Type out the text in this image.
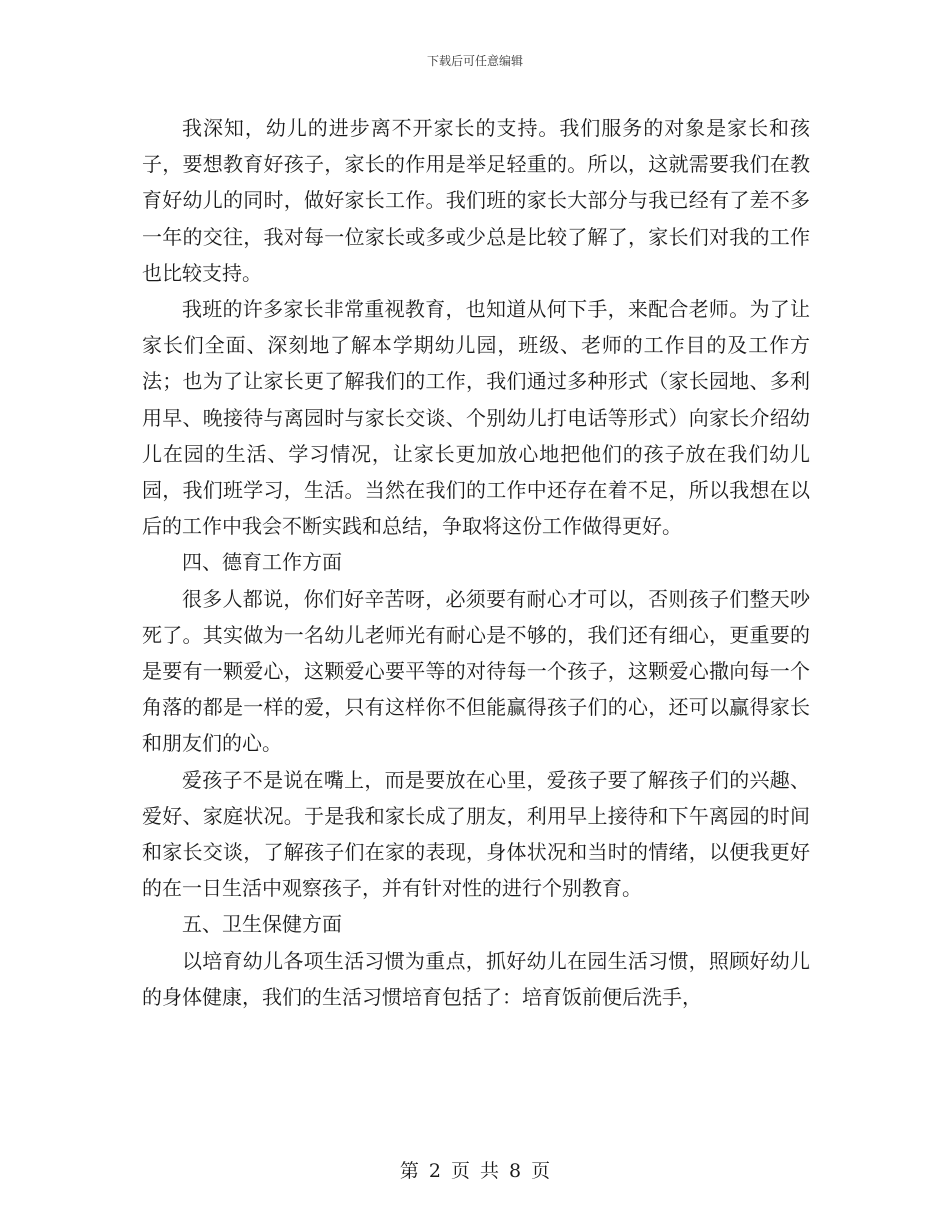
下载后可任意编辑

我深知，幼儿的进步离不开家长的支持。我们服务的对象是家长和孩子，要想教育好孩子，家长的作用是举足轻重的。所以，这就需要我们在教育好幼儿的同时，做好家长工作。我们班的家长大部分与我已经有了差不多一年的交往，我对每一位家长或多或少总是比较了解了，家长们对我的工作也比较支持。

我班的许多家长非常重视教育，也知道从何下手，来配合老师。为了让家长们全面、深刻地了解本学期幼儿园，班级、老师的工作目的及工作方法；也为了让家长更了解我们的工作，我们通过多种形式（家长园地、多利用早、晚接待与离园时与家长交谈、个别幼儿打电话等形式）向家长介绍幼儿在园的生活、学习情况，让家长更加放心地把他们的孩子放在我们幼儿园，我们班学习，生活。当然在我们的工作中还存在着不足，所以我想在以后的工作中我会不断实践和总结，争取将这份工作做得更好。

四、德育工作方面

很多人都说，你们好辛苦呀，必须要有耐心才可以，否则孩子们整天吵死了。其实做为一名幼儿老师光有耐心是不够的，我们还有细心，更重要的是要有一颗爱心，这颗爱心要平等的对待每一个孩子，这颗爱心撒向每一个角落的都是一样的爱，只有这样你不但能赢得孩子们的心，还可以赢得家长和朋友们的心。

爱孩子不是说在嘴上，而是要放在心里，爱孩子要了解孩子们的兴趣、爱好、家庭状况。于是我和家长成了朋友，利用早上接待和下午离园的时间和家长交谈，了解孩子们在家的表现，身体状况和当时的情绪，以便我更好的在一日生活中观察孩子，并有针对性的进行个别教育。

五、卫生保健方面

以培育幼儿各项生活习惯为重点，抓好幼儿在园生活习惯，照顾好幼儿的身体健康，我们的生活习惯培育包括了：培育饭前便后洗手，

第 2 页 共 8 页
